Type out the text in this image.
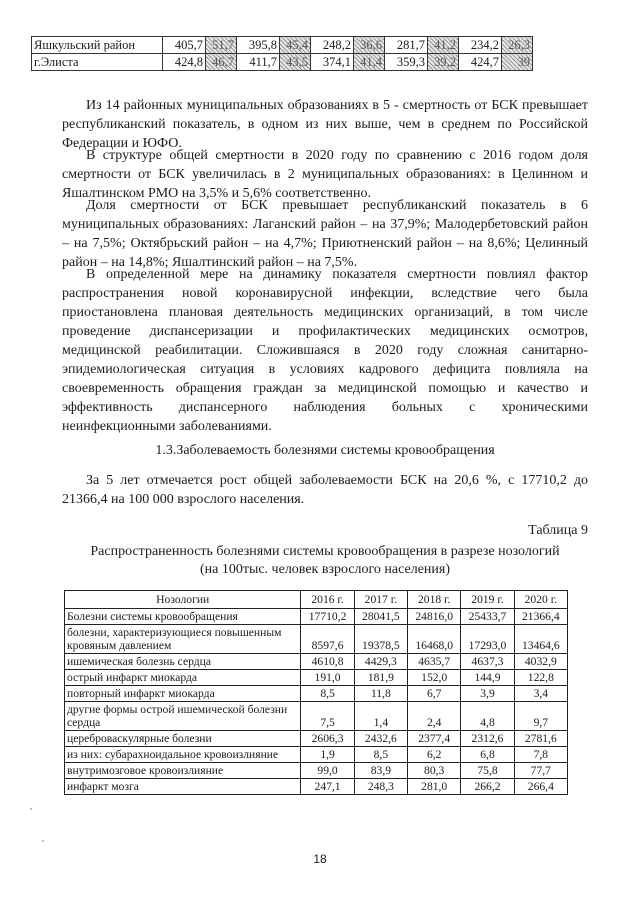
Яшкульский район	405,7	51,7	395,8	45,4	248,2	36,6	281,7	41,2	234,2	26,3
г.Элиста	424,8	46,7	411,7	43,5	374,1	41,4	359,3	39,2	424,7	39

Из 14 районных муниципальных образованиях в 5 - смертность от БСК превышает республиканский показатель, в одном из них выше, чем в среднем по Российской Федерации и ЮФО.

В структуре общей смертности в 2020 году по сравнению с 2016 годом доля смертности от БСК увеличилась в 2 муниципальных образованиях: в Целинном и Яшалтинском РМО на 3,5% и 5,6% соответственно.

Доля смертности от БСК превышает республиканский показатель в 6 муниципальных образованиях: Лаганский район – на 37,9%; Малодербетовский район – на 7,5%; Октябрьский район – на 4,7%; Приютненский район – на 8,6%; Целинный район – на 14,8%; Яшалтинский район – на 7,5%.

В определенной мере на динамику показателя смертности повлиял фактор распространения новой коронавирусной инфекции, вследствие чего была приостановлена плановая деятельность медицинских организаций, в том числе проведение диспансеризации и профилактических медицинских осмотров, медицинской реабилитации. Сложившаяся в 2020 году сложная санитарно-эпидемиологическая ситуация в условиях кадрового дефицита повлияла на своевременность обращения граждан за медицинской помощью и качество и эффективность диспансерного наблюдения больных с хроническими неинфекционными заболеваниями.

1.3.Заболеваемость болезнями системы кровообращения

За 5 лет отмечается рост общей заболеваемости БСК на 20,6 %, с 17710,2 до 21366,4 на 100 000 взрослого населения.

Таблица 9

Распространенность болезнями системы кровообращения в разрезе нозологий

(на 100тыс. человек взрослого населения)

Нозологии	2016 г.	2017 г.	2018 г.	2019 г.	2020 г.
Болезни системы кровообращения	17710,2	28041,5	24816,0	25433,7	21366,4
болезни, характеризующиеся повышенным кровяным давлением	8597,6	19378,5	16468,0	17293,0	13464,6
ишемическая болезнь сердца	4610,8	4429,3	4635,7	4637,3	4032,9
острый инфаркт миокарда	191,0	181,9	152,0	144,9	122,8
повторный инфаркт миокарда	8,5	11,8	6,7	3,9	3,4
другие формы острой ишемической болезни сердца	7,5	1,4	2,4	4,8	9,7
цереброваскулярные болезни	2606,3	2432,6	2377,4	2312,6	2781,6
из них: субарахноидальное кровоизлияние	1,9	8,5	6,2	6,8	7,8
внутримозговое кровоизлияние	99,0	83,9	80,3	75,8	77,7
инфаркт мозга	247,1	248,3	281,0	266,2	266,4
18
